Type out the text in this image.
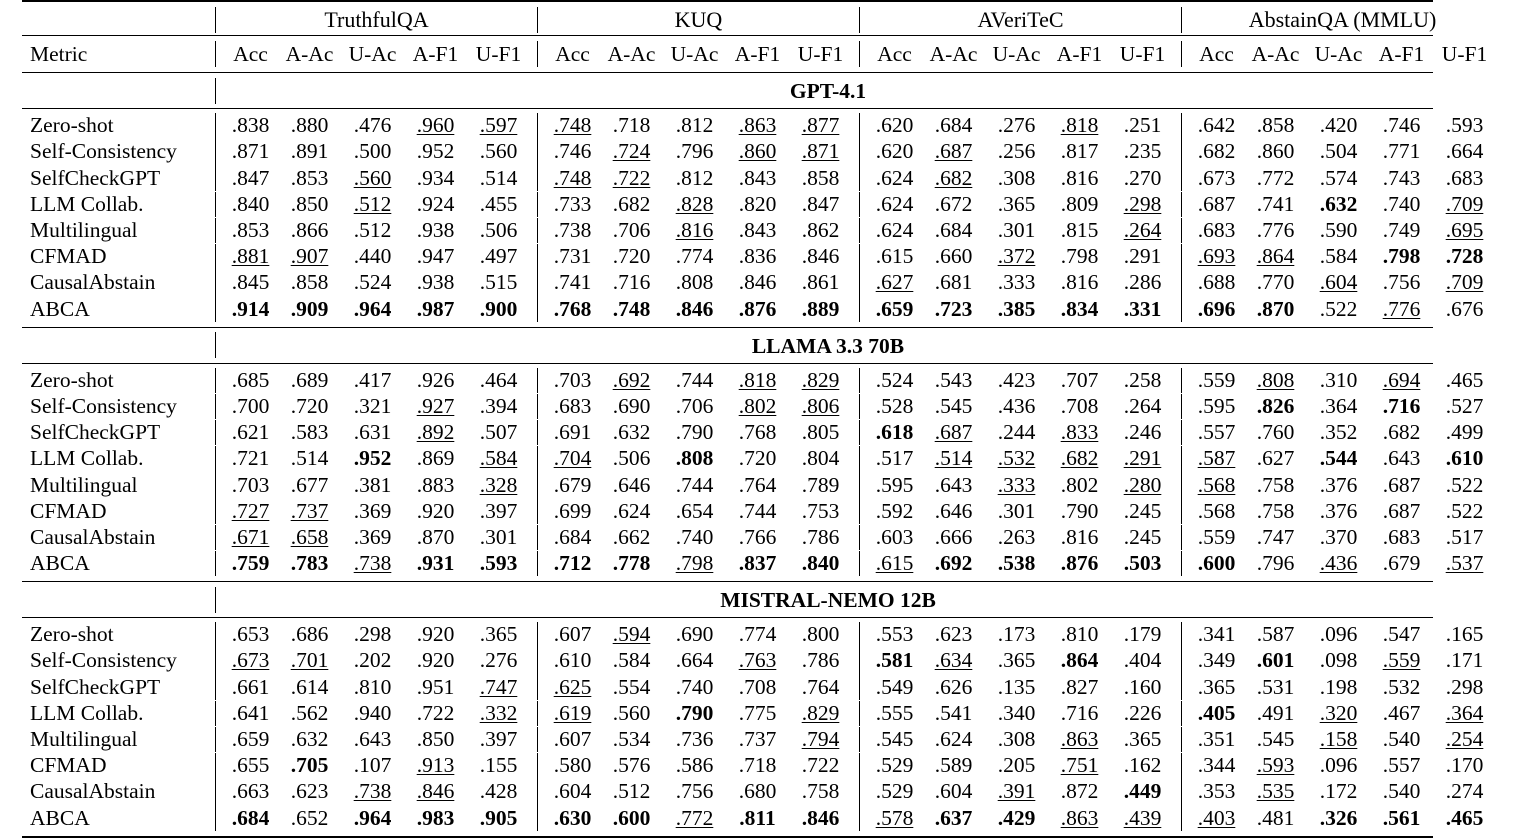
		TruthfulQA						KUQ						AVeriTeC						AbstainQA (MMLU)				

Metric		Acc	A-Ac	U-Ac	A-F1	U-F1		Acc	A-Ac	U-Ac	A-F1	U-F1		Acc	A-Ac	U-Ac	A-F1	U-F1		Acc	A-Ac	U-Ac	A-F1	U-F1

		GPT-4.1																						

Zero-shot		.838	.880	.476	.960	.597		.748	.718	.812	.863	.877		.620	.684	.276	.818	.251		.642	.858	.420	.746	.593
Self-Consistency		.871	.891	.500	.952	.560		.746	.724	.796	.860	.871		.620	.687	.256	.817	.235		.682	.860	.504	.771	.664
SelfCheckGPT		.847	.853	.560	.934	.514		.748	.722	.812	.843	.858		.624	.682	.308	.816	.270		.673	.772	.574	.743	.683
LLM Collab.		.840	.850	.512	.924	.455		.733	.682	.828	.820	.847		.624	.672	.365	.809	.298		.687	.741	.632	.740	.709
Multilingual		.853	.866	.512	.938	.506		.738	.706	.816	.843	.862		.624	.684	.301	.815	.264		.683	.776	.590	.749	.695
CFMAD		.881	.907	.440	.947	.497		.731	.720	.774	.836	.846		.615	.660	.372	.798	.291		.693	.864	.584	.798	.728
CausalAbstain		.845	.858	.524	.938	.515		.741	.716	.808	.846	.861		.627	.681	.333	.816	.286		.688	.770	.604	.756	.709
ABCA		.914	.909	.964	.987	.900		.768	.748	.846	.876	.889		.659	.723	.385	.834	.331		.696	.870	.522	.776	.676

		LLAMA 3.3 70B																						

Zero-shot		.685	.689	.417	.926	.464		.703	.692	.744	.818	.829		.524	.543	.423	.707	.258		.559	.808	.310	.694	.465
Self-Consistency		.700	.720	.321	.927	.394		.683	.690	.706	.802	.806		.528	.545	.436	.708	.264		.595	.826	.364	.716	.527
SelfCheckGPT		.621	.583	.631	.892	.507		.691	.632	.790	.768	.805		.618	.687	.244	.833	.246		.557	.760	.352	.682	.499
LLM Collab.		.721	.514	.952	.869	.584		.704	.506	.808	.720	.804		.517	.514	.532	.682	.291		.587	.627	.544	.643	.610
Multilingual		.703	.677	.381	.883	.328		.679	.646	.744	.764	.789		.595	.643	.333	.802	.280		.568	.758	.376	.687	.522
CFMAD		.727	.737	.369	.920	.397		.699	.624	.654	.744	.753		.592	.646	.301	.790	.245		.568	.758	.376	.687	.522
CausalAbstain		.671	.658	.369	.870	.301		.684	.662	.740	.766	.786		.603	.666	.263	.816	.245		.559	.747	.370	.683	.517
ABCA		.759	.783	.738	.931	.593		.712	.778	.798	.837	.840		.615	.692	.538	.876	.503		.600	.796	.436	.679	.537

		MISTRAL-NEMO 12B																						

Zero-shot		.653	.686	.298	.920	.365		.607	.594	.690	.774	.800		.553	.623	.173	.810	.179		.341	.587	.096	.547	.165
Self-Consistency		.673	.701	.202	.920	.276		.610	.584	.664	.763	.786		.581	.634	.365	.864	.404		.349	.601	.098	.559	.171
SelfCheckGPT		.661	.614	.810	.951	.747		.625	.554	.740	.708	.764		.549	.626	.135	.827	.160		.365	.531	.198	.532	.298
LLM Collab.		.641	.562	.940	.722	.332		.619	.560	.790	.775	.829		.555	.541	.340	.716	.226		.405	.491	.320	.467	.364
Multilingual		.659	.632	.643	.850	.397		.607	.534	.736	.737	.794		.545	.624	.308	.863	.365		.351	.545	.158	.540	.254
CFMAD		.655	.705	.107	.913	.155		.580	.576	.586	.718	.722		.529	.589	.205	.751	.162		.344	.593	.096	.557	.170
CausalAbstain		.663	.623	.738	.846	.428		.604	.512	.756	.680	.758		.529	.604	.391	.872	.449		.353	.535	.172	.540	.274
ABCA		.684	.652	.964	.983	.905		.630	.600	.772	.811	.846		.578	.637	.429	.863	.439		.403	.481	.326	.561	.465
